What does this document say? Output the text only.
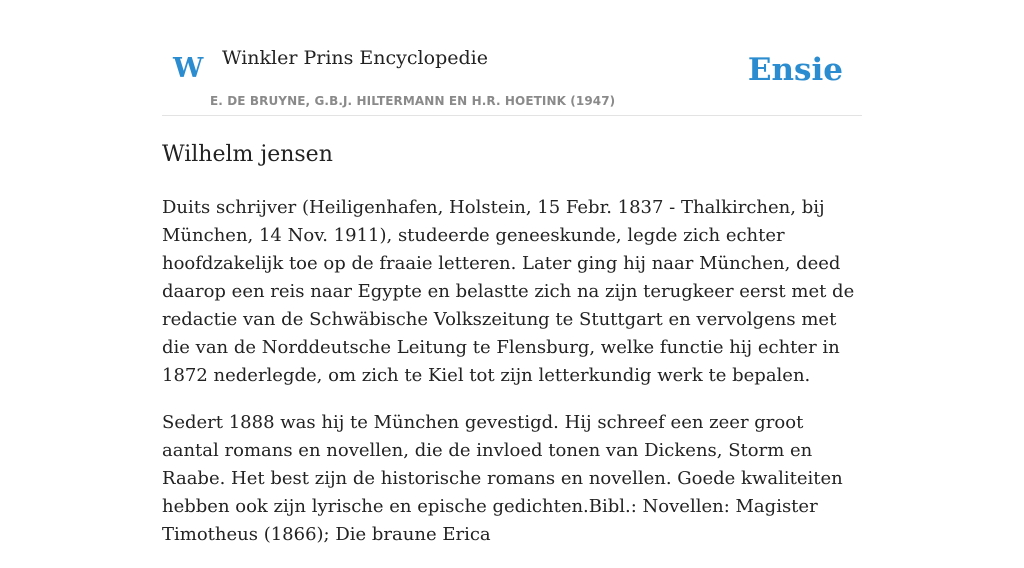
W Winkler Prins Encyclopedie
E. DE BRUYNE, G.B.J. HILTERMANN EN H.R. HOETINK (1947)
Ensie
Wilhelm jensen

Duits schrijver (Heiligenhafen, Holstein, 15 Febr. 1837 - Thalkirchen, bij München, 14 Nov. 1911), studeerde geneeskunde, legde zich echter hoofdzakelijk toe op de fraaie letteren. Later ging hij naar München, deed daarop een reis naar Egypte en belastte zich na zijn terugkeer eerst met de redactie van de Schwäbische Volkszeitung te Stuttgart en vervolgens met die van de Norddeutsche Leitung te Flensburg, welke functie hij echter in 1872 nederlegde, om zich te Kiel tot zijn letterkundig werk te bepalen.

Sedert 1888 was hij te München gevestigd. Hij schreef een zeer groot aantal romans en novellen, die de invloed tonen van Dickens, Storm en Raabe. Het best zijn de historische romans en novellen. Goede kwaliteiten hebben ook zijn lyrische en epische gedichten.Bibl.: Novellen: Magister Timotheus (1866); Die braune Erica
